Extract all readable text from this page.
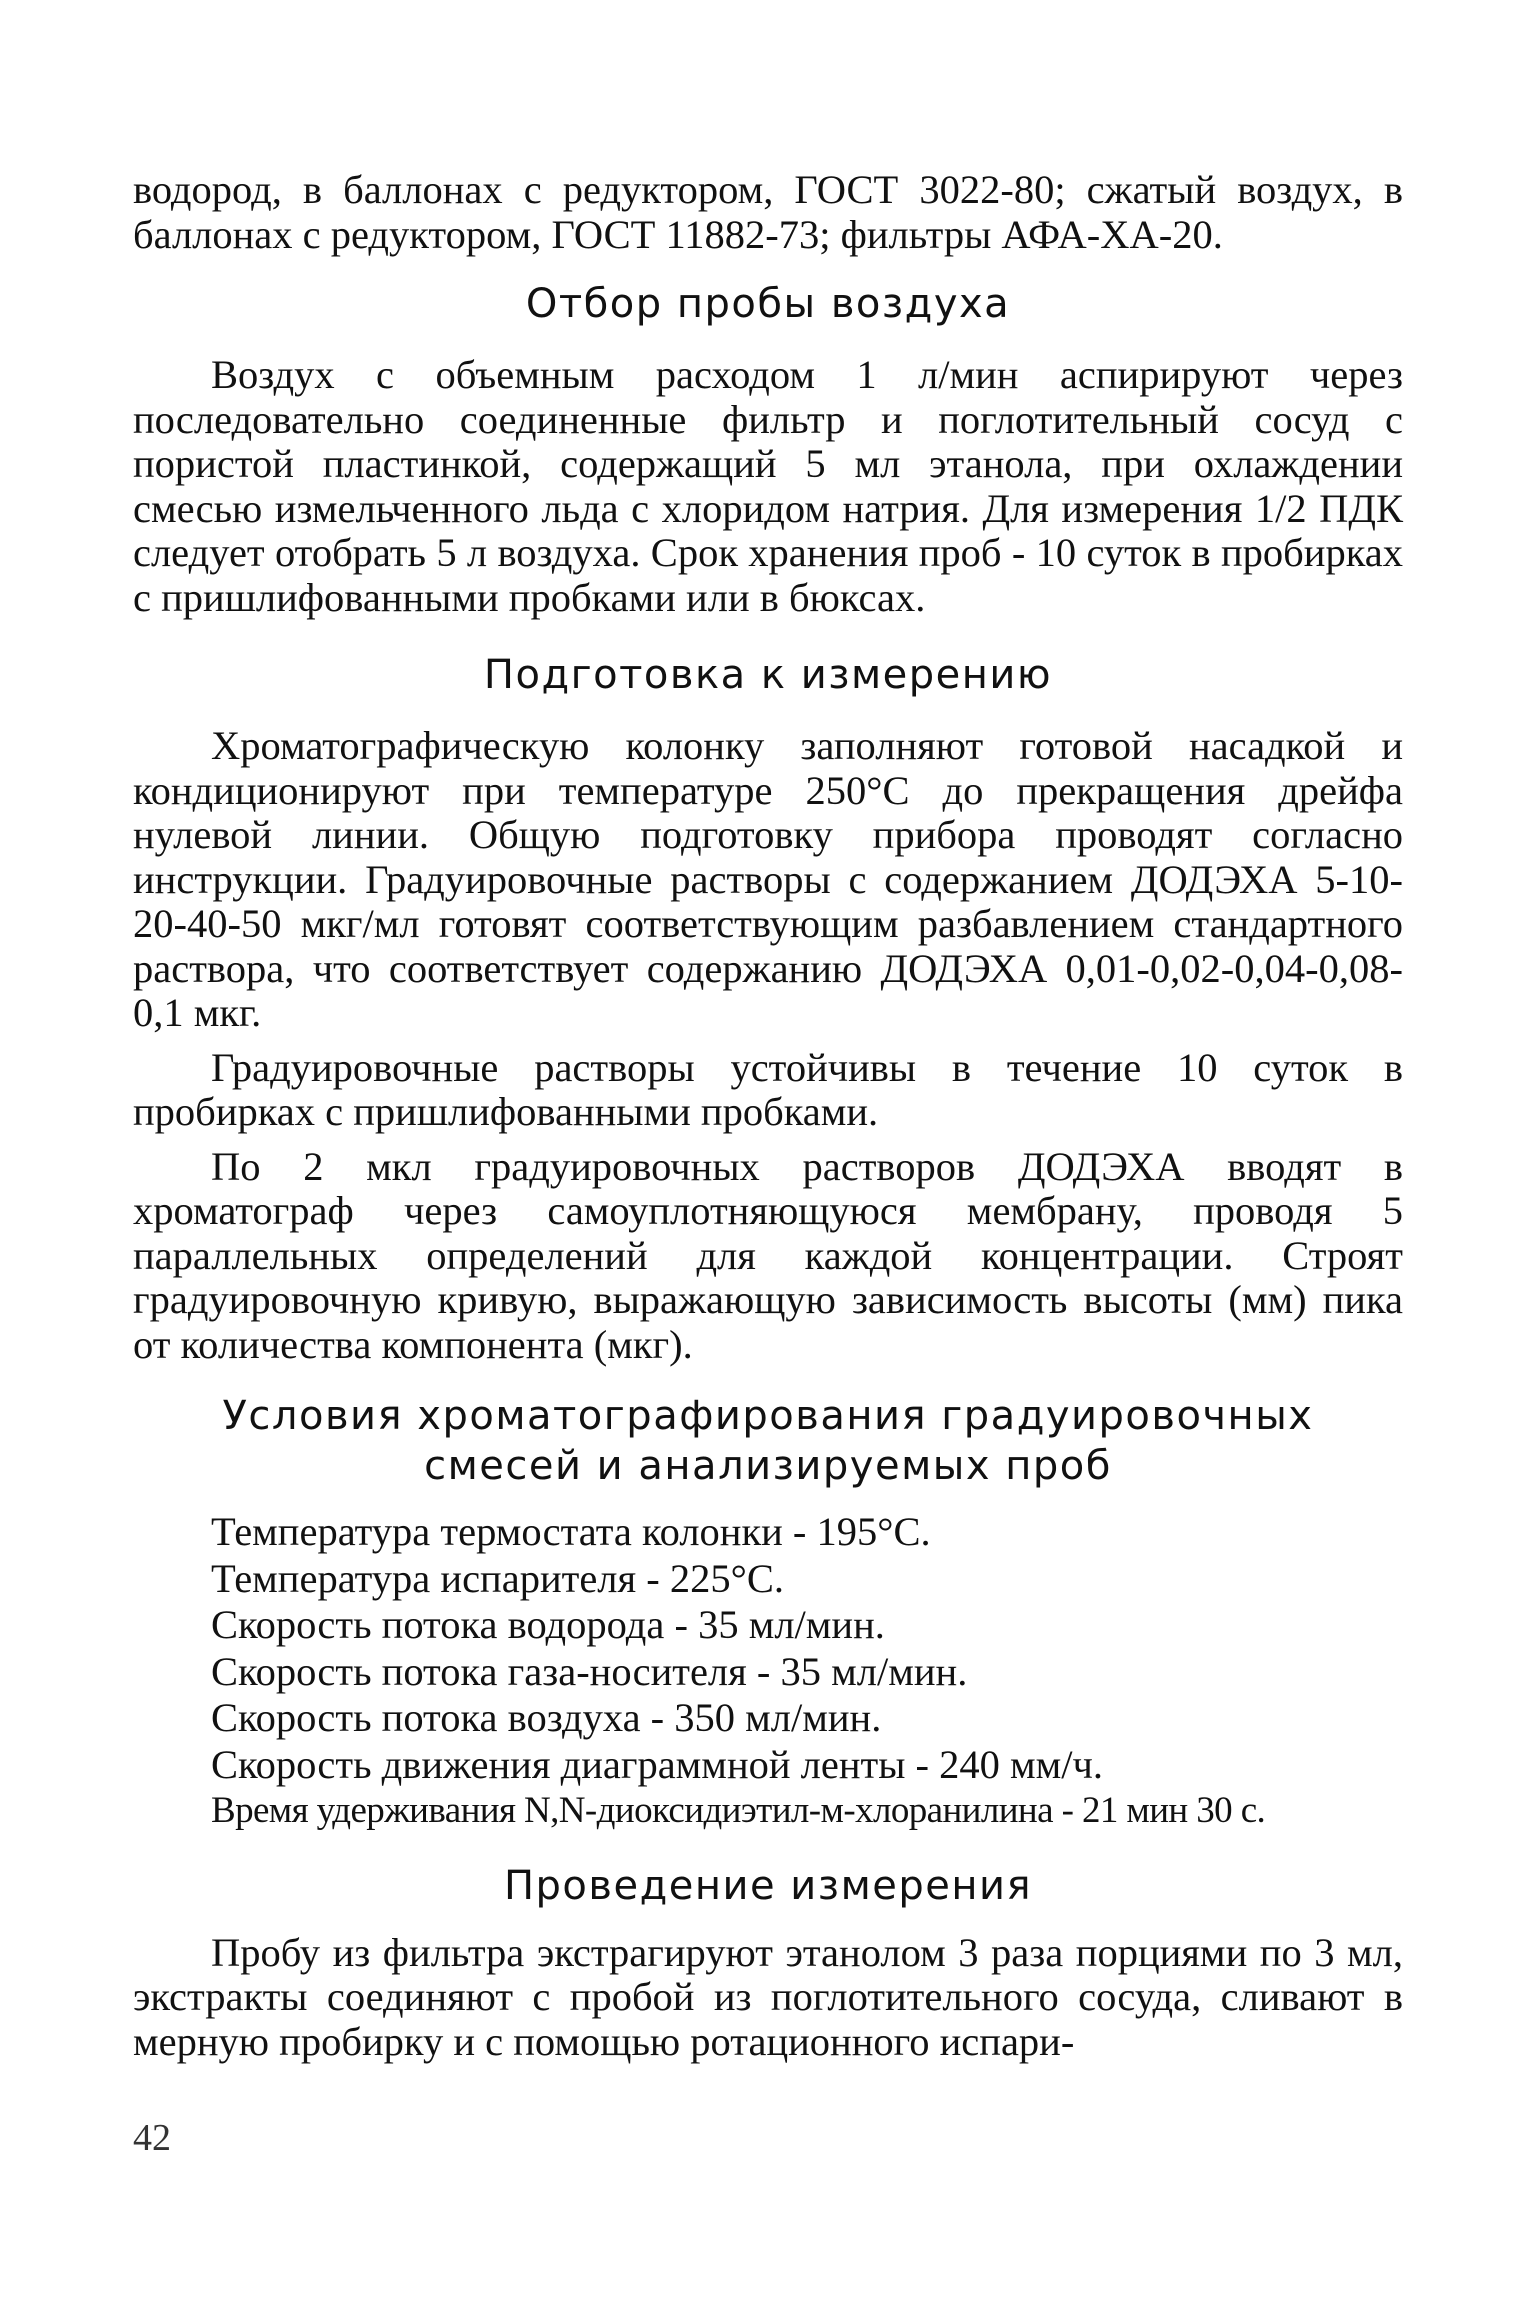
водород, в баллонах с редуктором, ГОСТ 3022-80; сжатый воздух, в баллонах с редуктором, ГОСТ 11882-73; фильтры АФА-ХА-20.

Отбор пробы воздуха

Воздух с объемным расходом 1 л/мин аспирируют через последовательно соединенные фильтр и поглотительный сосуд с пористой пластинкой, содержащий 5 мл этанола, при охлаждении смесью измельченного льда с хлоридом натрия. Для измерения 1/2 ПДК следует отобрать 5 л воздуха. Срок хранения проб - 10 суток в пробирках с пришлифованными пробками или в бюксах.

Подготовка к измерению

Хроматографическую колонку заполняют готовой насадкой и кондиционируют при температуре 250°С до прекращения дрейфа нулевой линии. Общую подготовку прибора проводят согласно инструкции. Градуировочные растворы с содержанием ДОДЭХА 5-10-20-40-50 мкг/мл готовят соответствующим разбавлением стандартного раствора, что соответствует содержанию ДОДЭХА 0,01-0,02-0,04-0,08-0,1 мкг.

Градуировочные растворы устойчивы в течение 10 суток в пробирках с пришлифованными пробками.

По 2 мкл градуировочных растворов ДОДЭХА вводят в хроматограф через самоуплотняющуюся мембрану, проводя 5 параллельных определений для каждой концентрации. Строят градуировочную кривую, выражающую зависимость высоты (мм) пика от количества компонента (мкг).

Условия хроматографирования градуировочных
смесей и анализируемых проб
Температура термостата колонки - 195°С.
Температура испарителя - 225°С.
Скорость потока водорода - 35 мл/мин.
Скорость потока газа-носителя - 35 мл/мин.
Скорость потока воздуха - 350 мл/мин.
Скорость движения диаграммной ленты - 240 мм/ч.
Время удерживания N,N-диоксидиэтил-м-хлоранилина - 21 мин 30 с.
Проведение измерения

Пробу из фильтра экстрагируют этанолом 3 раза порциями по 3 мл, экстракты соединяют с пробой из поглотительного сосуда, сливают в мерную пробирку и с помощью ротационного испари-

42
